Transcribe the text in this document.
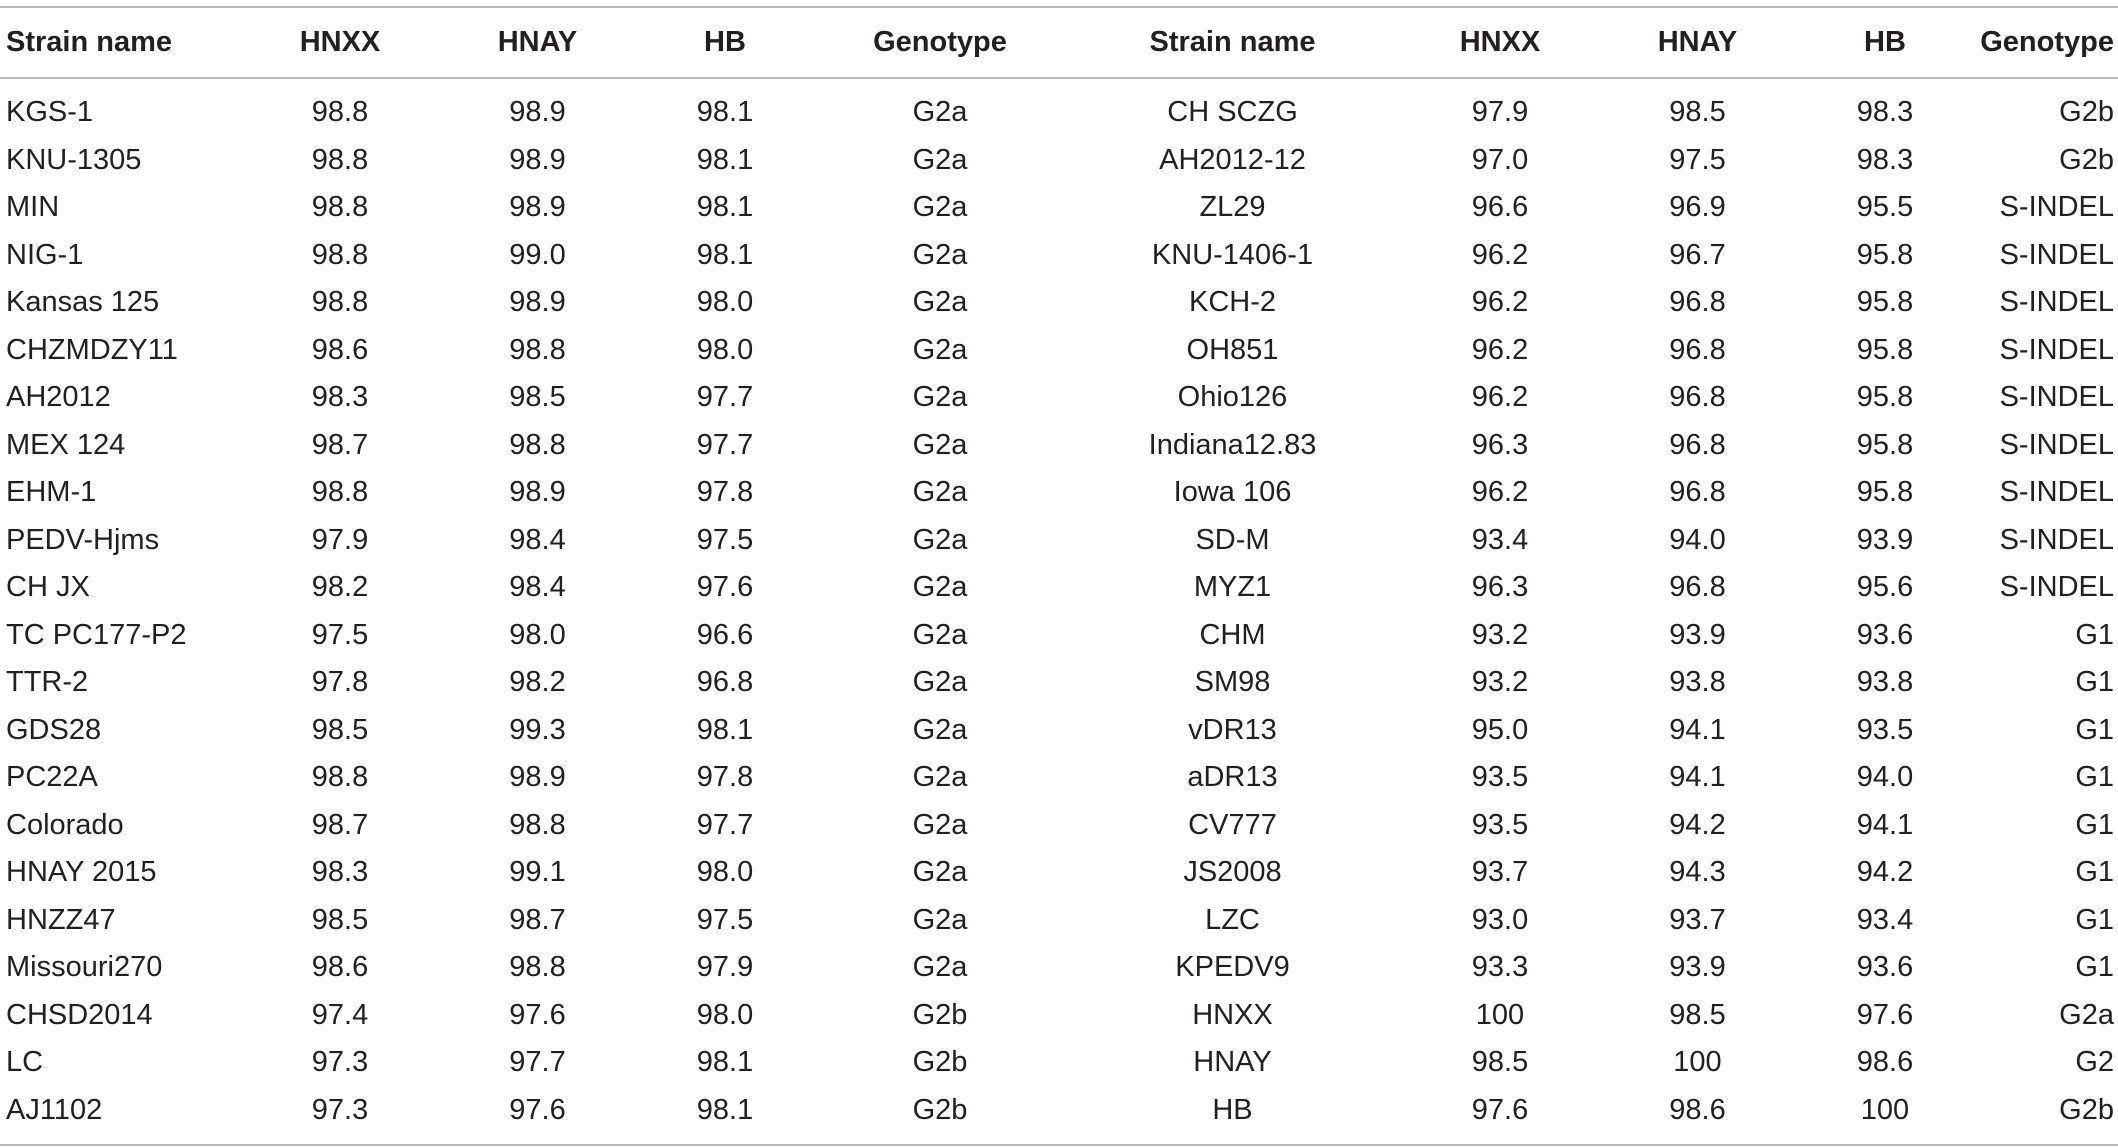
Strain name	HNXX	HNAY	HB	Genotype	Strain name	HNXX	HNAY	HB	Genotype
KGS-1	98.8	98.9	98.1	G2a	CH SCZG	97.9	98.5	98.3	G2b
KNU-1305	98.8	98.9	98.1	G2a	AH2012-12	97.0	97.5	98.3	G2b
MIN	98.8	98.9	98.1	G2a	ZL29	96.6	96.9	95.5	S-INDEL
NIG-1	98.8	99.0	98.1	G2a	KNU-1406-1	96.2	96.7	95.8	S-INDEL
Kansas 125	98.8	98.9	98.0	G2a	KCH-2	96.2	96.8	95.8	S-INDEL
CHZMDZY11	98.6	98.8	98.0	G2a	OH851	96.2	96.8	95.8	S-INDEL
AH2012	98.3	98.5	97.7	G2a	Ohio126	96.2	96.8	95.8	S-INDEL
MEX 124	98.7	98.8	97.7	G2a	Indiana12.83	96.3	96.8	95.8	S-INDEL
EHM-1	98.8	98.9	97.8	G2a	Iowa 106	96.2	96.8	95.8	S-INDEL
PEDV-Hjms	97.9	98.4	97.5	G2a	SD-M	93.4	94.0	93.9	S-INDEL
CH JX	98.2	98.4	97.6	G2a	MYZ1	96.3	96.8	95.6	S-INDEL
TC PC177-P2	97.5	98.0	96.6	G2a	CHM	93.2	93.9	93.6	G1
TTR-2	97.8	98.2	96.8	G2a	SM98	93.2	93.8	93.8	G1
GDS28	98.5	99.3	98.1	G2a	vDR13	95.0	94.1	93.5	G1
PC22A	98.8	98.9	97.8	G2a	aDR13	93.5	94.1	94.0	G1
Colorado	98.7	98.8	97.7	G2a	CV777	93.5	94.2	94.1	G1
HNAY 2015	98.3	99.1	98.0	G2a	JS2008	93.7	94.3	94.2	G1
HNZZ47	98.5	98.7	97.5	G2a	LZC	93.0	93.7	93.4	G1
Missouri270	98.6	98.8	97.9	G2a	KPEDV9	93.3	93.9	93.6	G1
CHSD2014	97.4	97.6	98.0	G2b	HNXX	100	98.5	97.6	G2a
LC	97.3	97.7	98.1	G2b	HNAY	98.5	100	98.6	G2
AJ1102	97.3	97.6	98.1	G2b	HB	97.6	98.6	100	G2b
